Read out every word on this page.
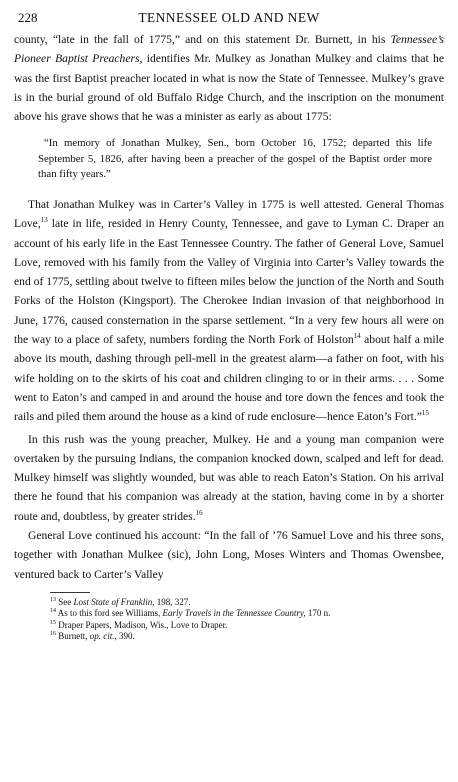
228	TENNESSEE OLD AND NEW

county, “late in the fall of 1775,” and on this statement Dr. Burnett, in his Tennessee’s Pioneer Baptist Preachers, identifies Mr. Mulkey as Jonathan Mulkey and claims that he was the first Baptist preacher located in what is now the State of Tennessee. Mulkey’s grave is in the burial ground of old Buffalo Ridge Church, and the inscription on the monument above his grave shows that he was a minister as early as about 1775:

“In memory of Jonathan Mulkey, Sen., born October 16, 1752; departed this life September 5, 1826, after having been a preacher of the gospel of the Baptist order more than fifty years.”

That Jonathan Mulkey was in Carter’s Valley in 1775 is well attested. General Thomas Love,$^{13}$ late in life, resided in Henry County, Tennessee, and gave to Lyman C. Draper an account of his early life in the East Tennessee Country. The father of General Love, Samuel Love, removed with his family from the Valley of Virginia into Carter’s Valley towards the end of 1775, settling about twelve to fifteen miles below the junction of the North and South Forks of the Holston (Kingsport). The Cherokee Indian invasion of that neighborhood in June, 1776, caused consternation in the sparse settlement. “In a very few hours all were on the way to a place of safety, numbers fording the North Fork of Holston$^{14}$ about half a mile above its mouth, dashing through pell-mell in the greatest alarm—a father on foot, with his wife holding on to the skirts of his coat and children clinging to or in their arms. . . . Some went to Eaton’s and camped in and around the house and tore down the fences and took the rails and piled them around the house as a kind of rude enclosure—hence Eaton’s Fort.”$^{15}$

In this rush was the young preacher, Mulkey. He and a young man companion were overtaken by the pursuing Indians, the companion knocked down, scalped and left for dead. Mulkey himself was slightly wounded, but was able to reach Eaton’s Station. On his arrival there he found that his companion was already at the station, having come in by a shorter route and, doubtless, by greater strides.$^{16}$

General Love continued his account: “In the fall of ’76 Samuel Love and his three sons, together with Jonathan Mulkee (sic), John Long, Moses Winters and Thomas Owensbee, ventured back to Carter’s Valley

$^{13}$ See Lost State of Franklin, 198, 327.

$^{14}$ As to this ford see Williams, Early Travels in the Tennessee Country, 170 n.

$^{15}$ Draper Papers, Madison, Wis., Love to Draper.

$^{16}$ Burnett, op. cit., 390.
